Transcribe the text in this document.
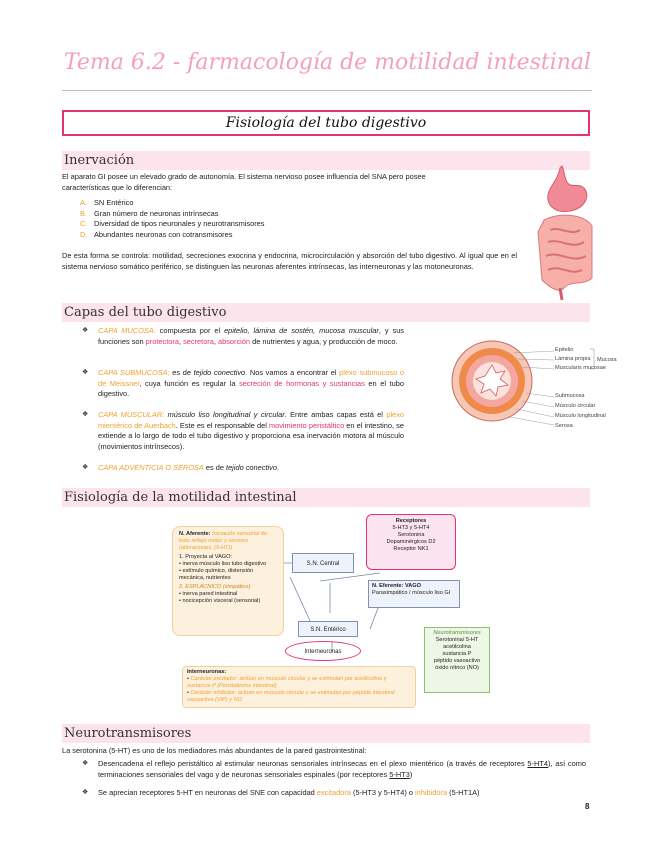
Tema 6.2 - farmacología de motilidad intestinal
Fisiología del tubo digestivo
Inervación
El aparato GI posee un elevado grado de autonomía. El sistema nervioso posee influencia del SNA pero posee características que lo diferencian:
A. SN Entérico
B. Gran número de neuronas intrínsecas
C. Diversidad de tipos neuronales y neurotransmisores
D. Abundantes neuronas con cotransmisores
De esta forma se controla: motilidad, secreciones exocrina y endocrina, microcirculación y absorción del tubo digestivo. Al igual que en el sistema nervioso somático periférico, se distinguen las neuronas aferentes intrínsecas, las interneuronas y las motoneuronas.
Capas del tubo digestivo
❖ CAPA MUCOSA: compuesta por el epitelio, lámina de sostén, mucosa muscular, y sus funciones son protectora, secretora, absorción de nutrientes y agua, y producción de moco.
❖ CAPA SUBMUCOSA: es de tejido conectivo. Nos vamos a encontrar el plexo submucoso o de Meissner, cuya función es regular la secreción de hormonas y sustancias en el tubo digestivo.
❖ CAPA MUSCULAR: músculo liso longitudinal y circular. Entre ambas capas está el plexo mientérico de Auerbach. Este es el responsable del movimiento peristáltico en el intestino, se extiende a lo largo de todo el tubo digestivo y proporciona esa inervación motora al músculo (movimientos intrínsecos).
❖ CAPA ADVENTICIA O SEROSA es de tejido conectivo.
Epitelio
Lámina propia
Muscularis mucosae
Submucosa
Músculo circular
Músculo longitudinal
Serosa
Mucosa
Fisiología de la motilidad intestinal
N. Aferente: Iniciación sensorial de todo reflejo motor y secretor (alteraciones, (5-HT))
1. Proyecta al VAGO:
• inerva músculo liso tubo digestivo
• estímulo químico, distensión mecánica, nutrientes
2. ESPLÁCNICO (simpático):
• inerva pared intestinal
• nocicepción visceral (sensorial)
S.N. Central
S.N. Entérico
Interneuronas
Receptores
5-HT3 y 5-HT4
Serotonina
Dopaminérgicos D2
Receptor NK1
N. Eferente: VAGO
Parasimpático / músculo liso GI
Neurotransmisores
Serotonina/ 5-HT
acetilcolina
sustancia P
péptido vasoactivo
óxido nítrico (NO)
Interneuronas:
• Carácter excitador: actúan en músculo circular y se estimulan por acetilcolina y sustancia P (Peristaltismo intestinal)
• Carácter inhibidor: actúan en músculo circular y se estimulan por péptido intestinal vasoactivo (VIP) y NO
Neurotransmisores
La serotonina (5-HT) es uno de los mediadores más abundantes de la pared gastrointestinal:
❖ Desencadena el reflejo peristáltico al estimular neuronas sensoriales intrínsecas en el plexo mientérico (a través de receptores 5-HT4), así como terminaciones sensoriales del vago y de neuronas sensoriales espinales (por receptores 5-HT3)
❖ Se aprecian receptores 5-HT en neuronas del SNE con capacidad excitadora (5-HT3 y 5-HT4) o inhibidora (5-HT1A)
8
